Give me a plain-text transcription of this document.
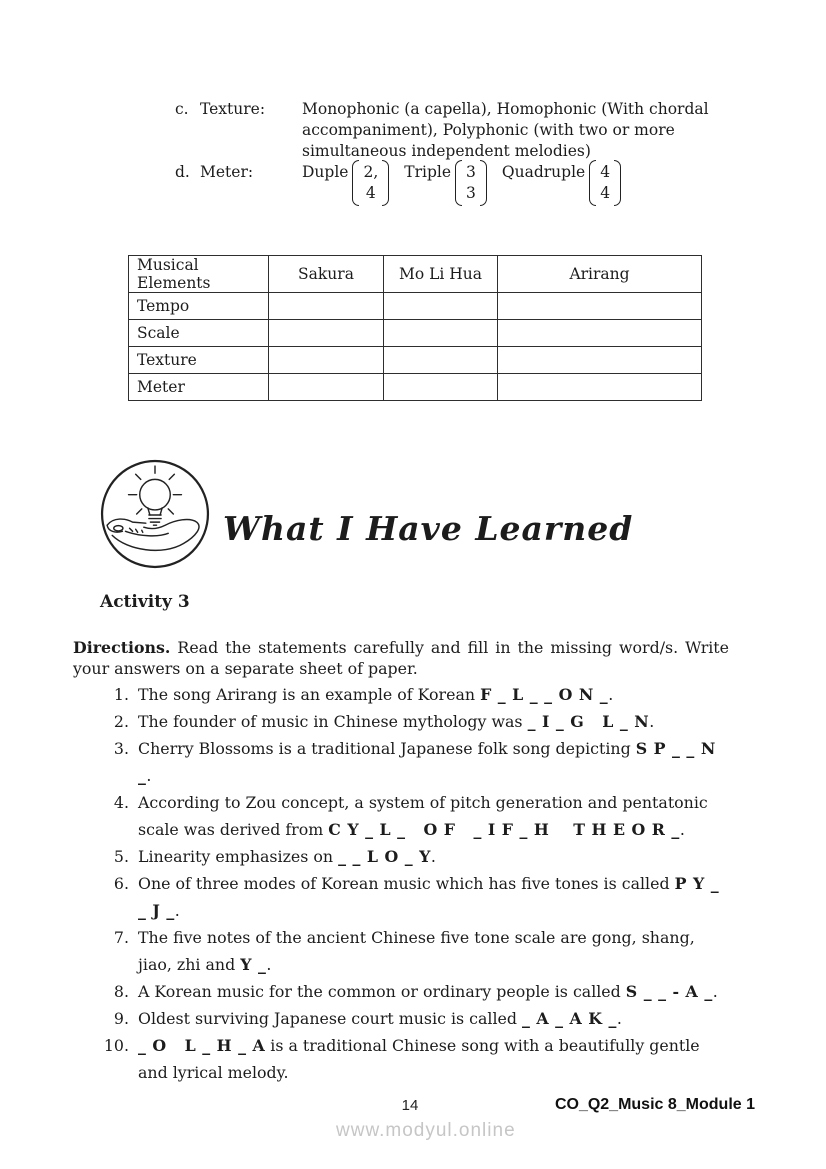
c. Texture:	Monophonic (a capella), Homophonic (With chordal
accompaniment), Polyphonic (with two or more
simultaneous independent melodies)
d. Meter:	Duple 2,
4
Triple 3
3
Quadruple 4
4
Musical Elements	Sakura	Mo Li Hua	Arirang
Tempo			
Scale			
Texture			
Meter			
What I Have Learned
Activity 3

Directions. Read the statements carefully and fill in the missing word/s. Write your answers on a separate sheet of paper.

1. The song Arirang is an example of Korean F _ L _ _ O N _.
2. The founder of music in Chinese mythology was _ I _ G   L _ N.
3. Cherry Blossoms is a traditional Japanese folk song depicting S P _ _ N _.
4. According to Zou concept, a system of pitch generation and pentatonic scale was derived from C Y _ L _   O F   _ I F _ H    T H E O R _.
5. Linearity emphasizes on _ _ L O _ Y.
6. One of three modes of Korean music which has five tones is called P Y _ _ J _.
7. The five notes of the ancient Chinese five tone scale are gong, shang, jiao, zhi and Y _.
8. A Korean music for the common or ordinary people is called S _ _ - A _.
9. Oldest surviving Japanese court music is called _ A _ A K _.
10. _ O   L _ H _ A is a traditional Chinese song with a beautifully gentle and lyrical melody.
14	CO_Q2_Music 8_Module 1
www.modyul.online
